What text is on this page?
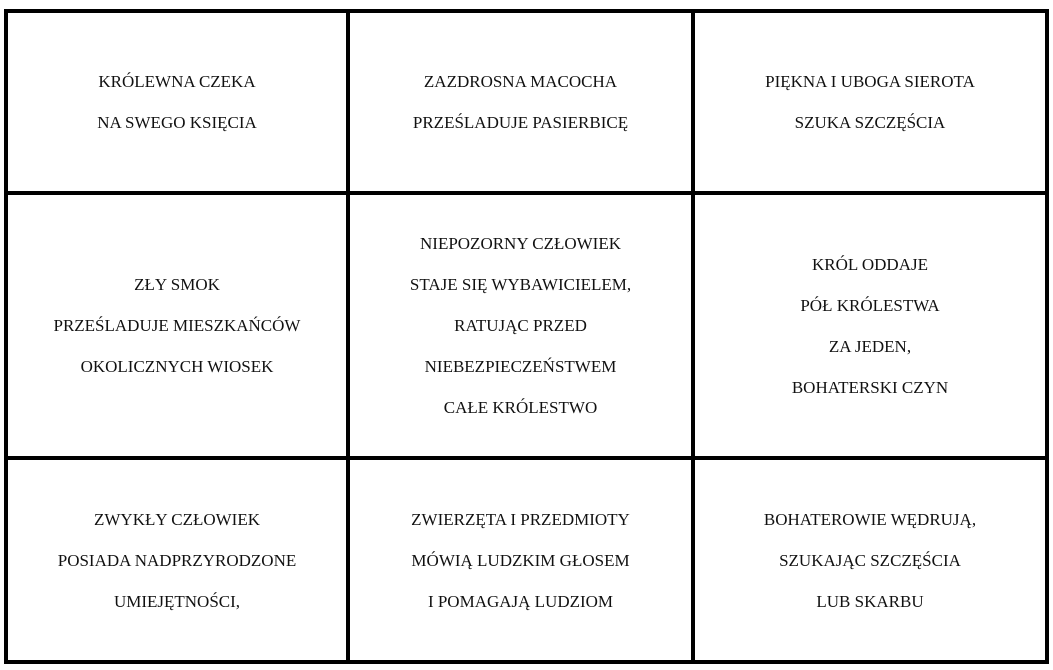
KRÓLEWNA CZEKA
NA SWEGO KSIĘCIA
ZAZDROSNA MACOCHA
PRZEŚLADUJE PASIERBICĘ
PIĘKNA I UBOGA SIEROTA
SZUKA SZCZĘŚCIA
ZŁY SMOK
PRZEŚLADUJE MIESZKAŃCÓW
OKOLICZNYCH WIOSEK
NIEPOZORNY CZŁOWIEK
STAJE SIĘ WYBAWICIELEM,
RATUJĄC PRZED
NIEBEZPIECZEŃSTWEM
CAŁE KRÓLESTWO
KRÓL ODDAJE
PÓŁ KRÓLESTWA
ZA JEDEN,
BOHATERSKI CZYN
ZWYKŁY CZŁOWIEK
POSIADA NADPRZYRODZONE
UMIEJĘTNOŚCI,
ZWIERZĘTA I PRZEDMIOTY
MÓWIĄ LUDZKIM GŁOSEM
I POMAGAJĄ LUDZIOM
BOHATEROWIE WĘDRUJĄ,
SZUKAJĄC SZCZĘŚCIA
LUB SKARBU
